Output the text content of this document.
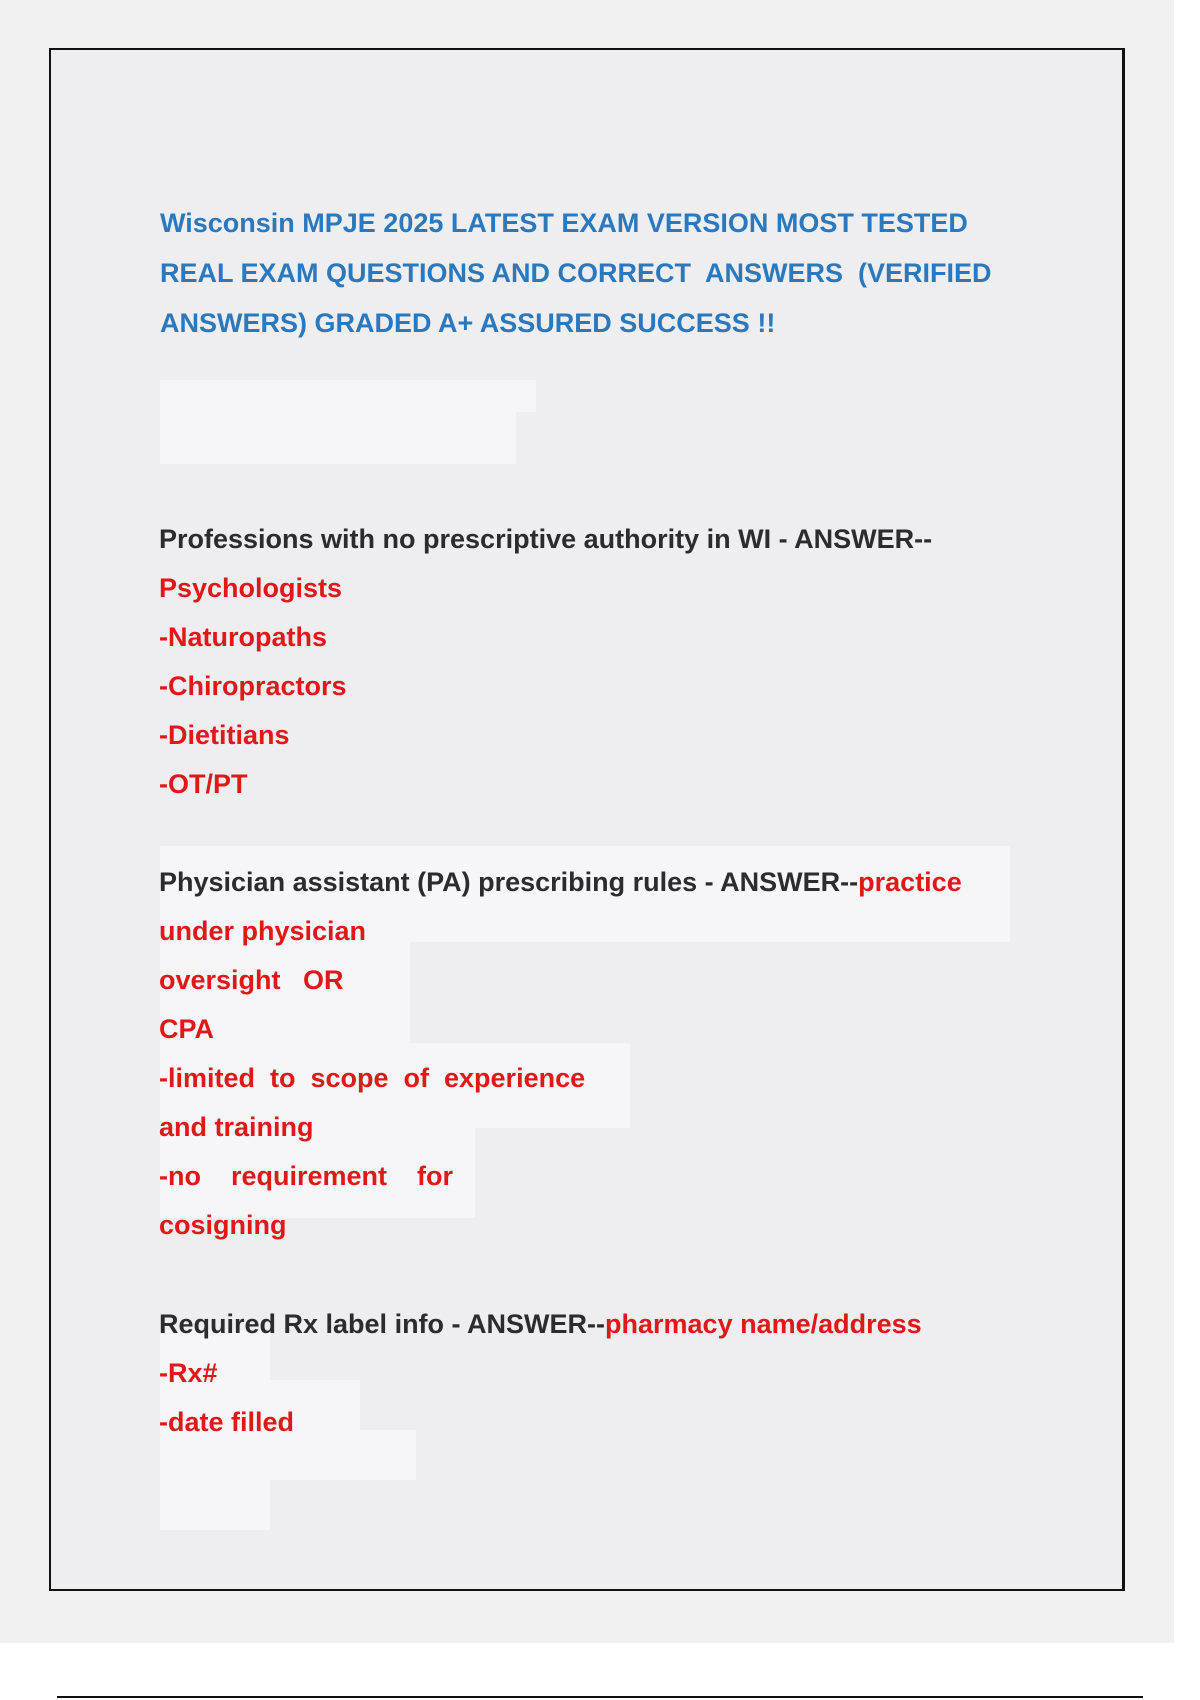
Wisconsin MPJE 2025 LATEST EXAM VERSION MOST TESTED
REAL EXAM QUESTIONS AND CORRECT  ANSWERS  (VERIFIED
ANSWERS) GRADED A+ ASSURED SUCCESS !!
Professions with no prescriptive authority in WI - ANSWER--
Psychologists
-Naturopaths
-Chiropractors
-Dietitians
-OT/PT
Physician assistant (PA) prescribing rules - ANSWER--practice
under physician
oversight   OR
CPA
-limited  to  scope  of  experience
and training
-no    requirement    for
cosigning
Required Rx label info - ANSWER--pharmacy name/address
-Rx#
-date filled
